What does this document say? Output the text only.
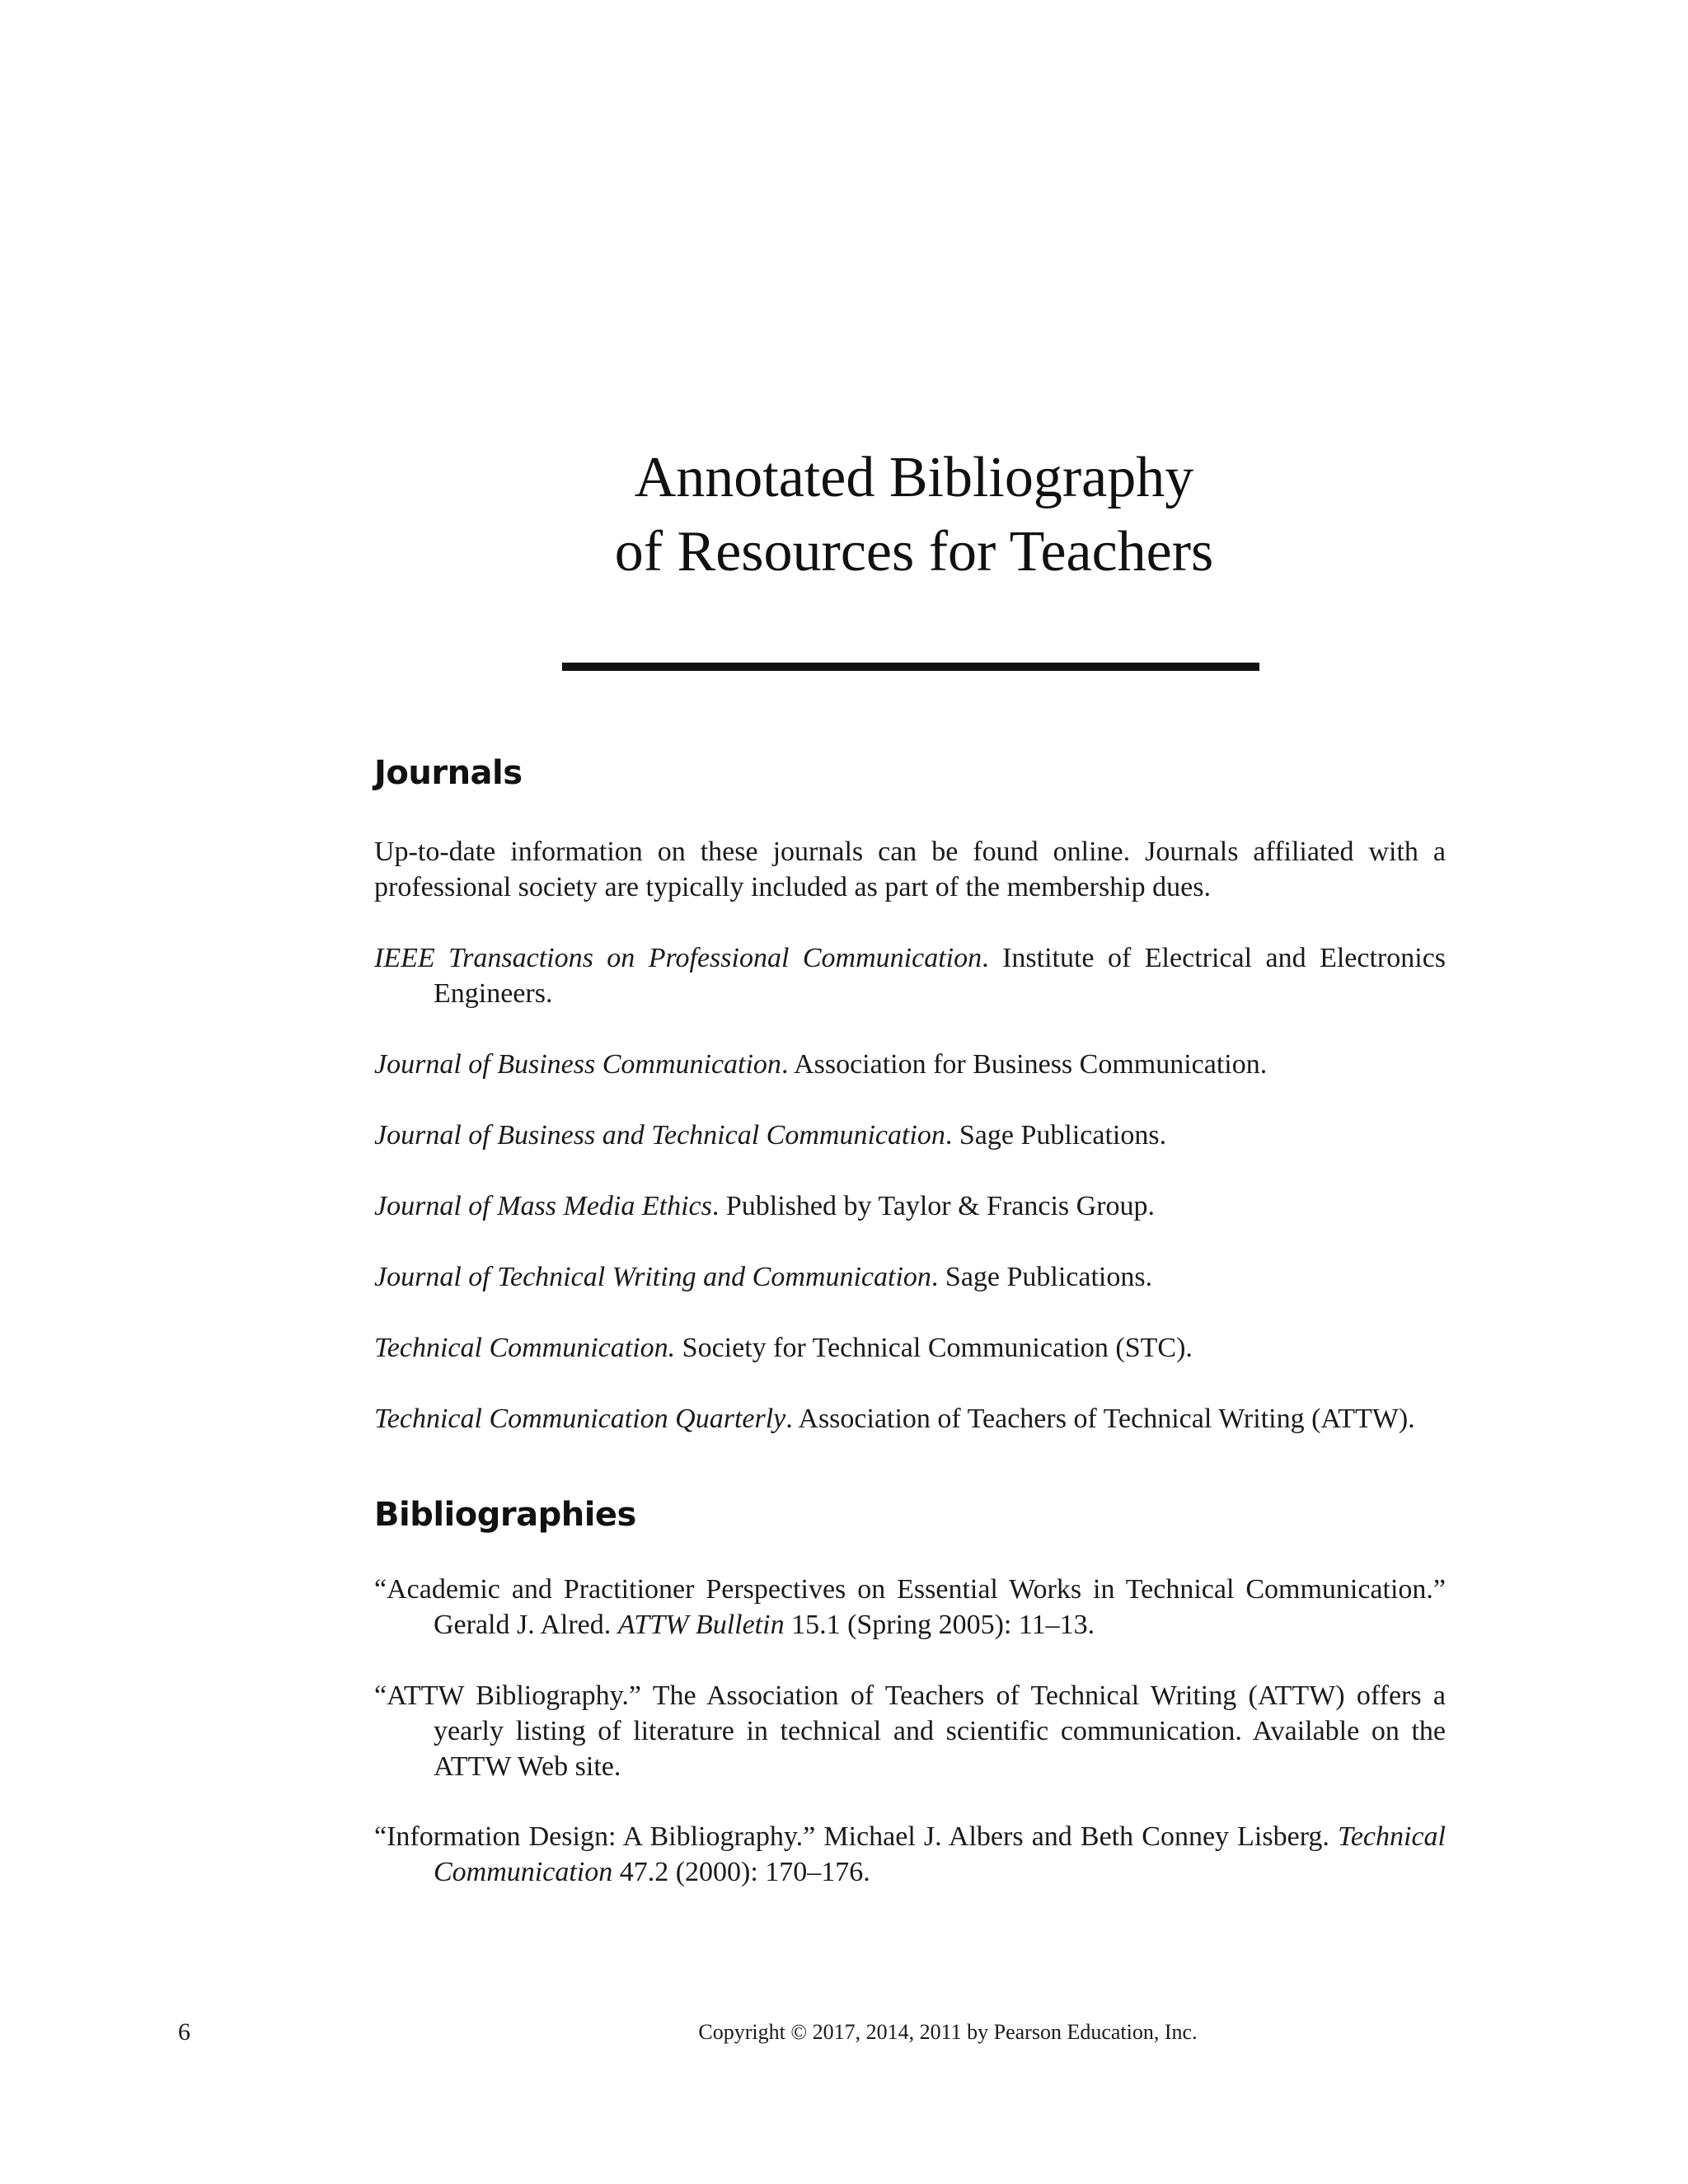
Annotated Bibliography
of Resources for Teachers
Journals
Up-to-date information on these journals can be found online. Journals affiliated with a professional society are typically included as part of the membership dues.
IEEE Transactions on Professional Communication. Institute of Electrical and Electronics Engineers.
Journal of Business Communication. Association for Business Communication.
Journal of Business and Technical Communication. Sage Publications.
Journal of Mass Media Ethics. Published by Taylor & Francis Group.
Journal of Technical Writing and Communication. Sage Publications.
Technical Communication. Society for Technical Communication (STC).
Technical Communication Quarterly. Association of Teachers of Technical Writing (ATTW).
Bibliographies
“Academic and Practitioner Perspectives on Essential Works in Technical Communication.” Gerald J. Alred. ATTW Bulletin 15.1 (Spring 2005): 11–13.
“ATTW Bibliography.” The Association of Teachers of Technical Writing (ATTW) offers a yearly listing of literature in technical and scientific communication. Available on the ATTW Web site.
“Information Design: A Bibliography.” Michael J. Albers and Beth Conney Lisberg. Technical Communication 47.2 (2000): 170–176.
6	Copyright © 2017, 2014, 2011 by Pearson Education, Inc.
